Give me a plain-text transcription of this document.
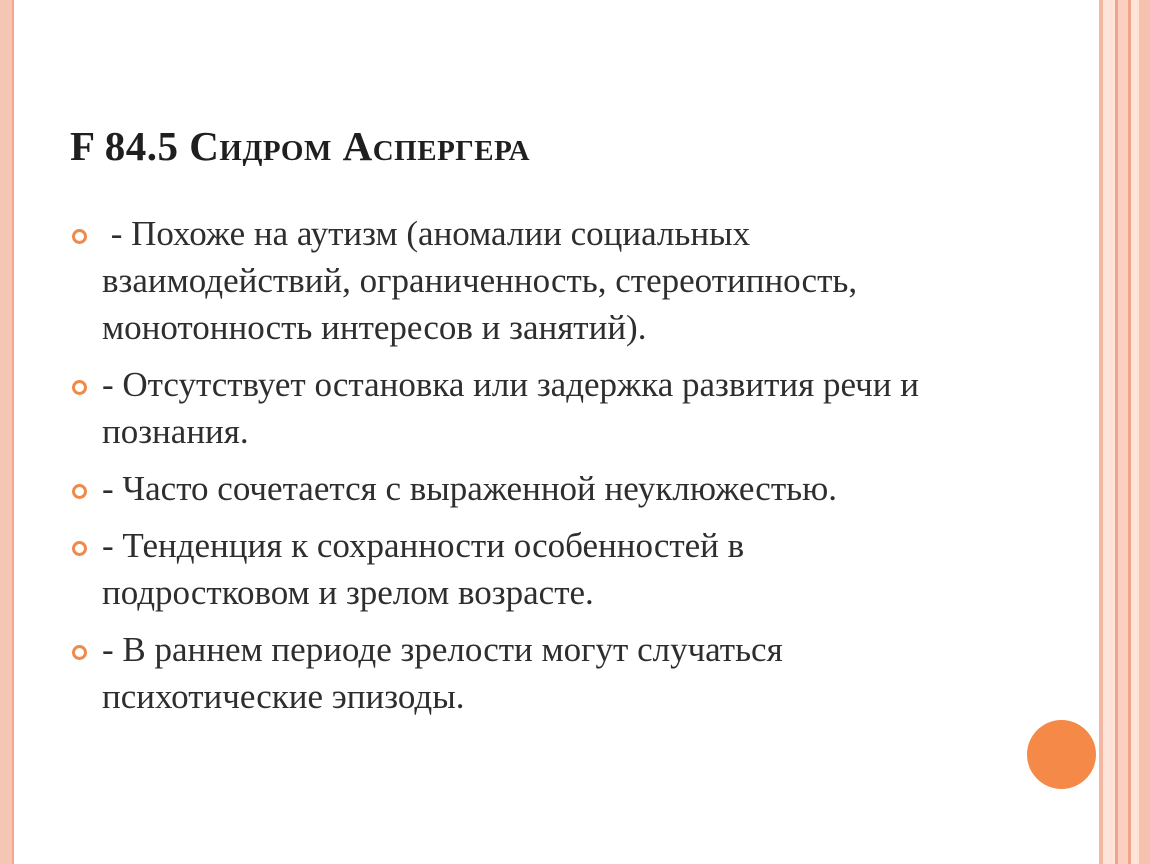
F 84.5 Сидром Аспергера
- Похоже на аутизм (аномалии социальных взаимодействий, ограниченность, стереотипность, монотонность интересов и занятий).
- Отсутствует остановка или задержка развития речи и познания.
- Часто сочетается с выраженной неуклюжестью.
- Тенденция к сохранности особенностей в подростковом и зрелом возрасте.
- В раннем периоде зрелости могут случаться психотические эпизоды.
